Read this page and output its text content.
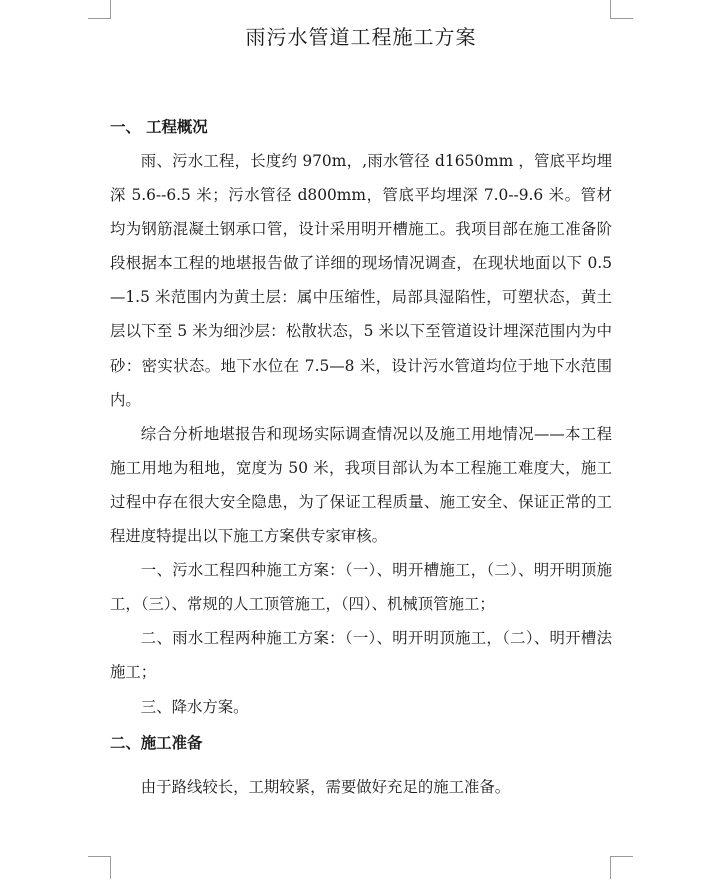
雨污水管道工程施工方案
一、 工程概况

雨、污水工程，长度约 970m，,雨水管径 d1650mm ，管底平均埋深 5.6--6.5 米；污水管径 d800mm，管底平均埋深 7.0--9.6 米。管材均为钢筋混凝土钢承口管，设计采用明开槽施工。我项目部在施工准备阶段根据本工程的地堪报告做了详细的现场情况调查，在现状地面以下 0.5—1.5 米范围内为黄土层：属中压缩性，局部具湿陷性，可塑状态，黄土层以下至 5 米为细沙层：松散状态，5 米以下至管道设计埋深范围内为中砂：密实状态。地下水位在 7.5—8 米，设计污水管道均位于地下水范围内。

综合分析地堪报告和现场实际调查情况以及施工用地情况——本工程施工用地为租地，宽度为 50 米，我项目部认为本工程施工难度大，施工过程中存在很大安全隐患，为了保证工程质量、施工安全、保证正常的工程进度特提出以下施工方案供专家审核。

一、污水工程四种施工方案：（一）、明开槽施工，（二）、明开明顶施工，（三）、常规的人工顶管施工，（四）、机械顶管施工；

二、雨水工程两种施工方案：（一）、明开明顶施工，（二）、明开槽法施工；

三、降水方案。

二、施工准备

由于路线较长，工期较紧，需要做好充足的施工准备。
